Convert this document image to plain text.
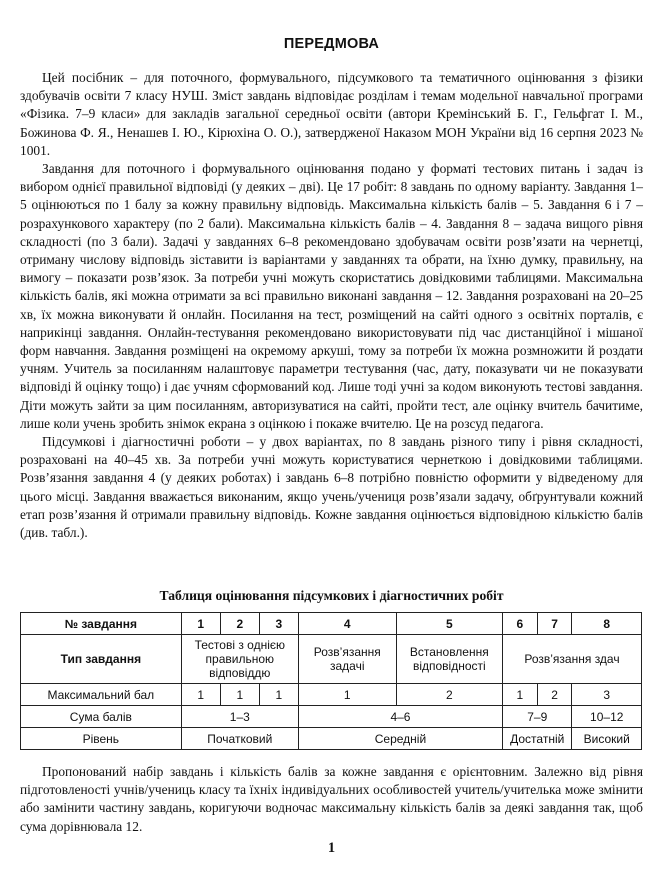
ПЕРЕДМОВА

Цей посібник – для поточного, формувального, підсумкового та тематичного оцінювання з фізики здобувачів освіти 7 класу НУШ. Зміст завдань відповідає розділам і темам модельної навчальної програми «Фізика. 7–9 класи» для закладів загальної середньої освіти (автори Кремінський Б. Г., Гельфгат І. М., Божинова Ф. Я., Ненашев І. Ю., Кірюхіна О. О.), затвердженої Наказом МОН України від 16 серпня 2023 № 1001.

Завдання для поточного і формувального оцінювання подано у форматі тестових питань і задач із вибором однієї правильної відповіді (у деяких – дві). Це 17 робіт: 8 завдань по одному варіанту. Завдання 1–5 оцінюються по 1 балу за кожну правильну відповідь. Максимальна кількість балів – 5. Завдання 6 і 7 – розрахункового характеру (по 2 бали). Максимальна кількість балів – 4. Завдання 8 – задача вищого рівня складності (по 3 бали). Задачі у завданнях 6–8 рекомендовано здобувачам освіти розв’язати на чернетці, отриману числову відповідь зіставити із варіантами у завданнях та обрати, на їхню думку, правильну, на вимогу – показати розв’язок. За потреби учні можуть скористатись довідковими таблицями. Максимальна кількість балів, які можна отримати за всі правильно виконані завдання – 12. Завдання розраховані на 20–25 хв, їх можна виконувати й онлайн. Посилання на тест, розміщений на сайті одного з освітніх порталів, є наприкінці завдання. Онлайн-тестування рекомендовано використовувати під час дистанційної і мішаної форм навчання. Завдання розміщені на окремому аркуші, тому за потреби їх можна розмножити й роздати учням. Учитель за посиланням налаштовує параметри тестування (час, дату, показувати чи не показувати відповіді й оцінку тощо) і дає учням сформований код. Лише тоді учні за кодом виконують тестові завдання. Діти можуть зайти за цим посиланням, авторизуватися на сайті, пройти тест, але оцінку вчитель бачитиме, лише коли учень зробить знімок екрана з оцінкою і покаже вчителю. Це на розсуд педагога.

Підсумкові і діагностичні роботи – у двох варіантах, по 8 завдань різного типу і рівня складності, розраховані на 40–45 хв. За потреби учні можуть користуватися чернеткою і довідковими таблицями. Розв’язання завдання 4 (у деяких роботах) і завдань 6–8 потрібно повністю оформити у відведеному для цього місці. Завдання вважається виконаним, якщо учень/учениця розв’язали задачу, обґрунтували кожний етап розв’язання й отримали правильну відповідь. Кожне завдання оцінюється відповідною кількістю балів (див. табл.).

Таблиця оцінювання підсумкових і діагностичних робіт
№ завдання	1	2	3	4	5	6	7	8
Тип завдання	Тестові з однією правильною відповіддю			Розв’язання задачі	Встановлення відповідності	Розв’язання здач		
Максимальний бал	1	1	1	1	2	1	2	3
Сума балів	1–3			4–6		7–9		10–12
Рівень	Початковий			Середній		Достатній		Високий

Пропонований набір завдань і кількість балів за кожне завдання є орієнтовним. Залежно від рівня підготовленості учнів/учениць класу та їхніх індивідуальних особливостей учитель/учителька може змінити або замінити частину завдань, коригуючи водночас максимальну кількість балів за деякі завдання так, щоб сума дорівнювала 12.

1
